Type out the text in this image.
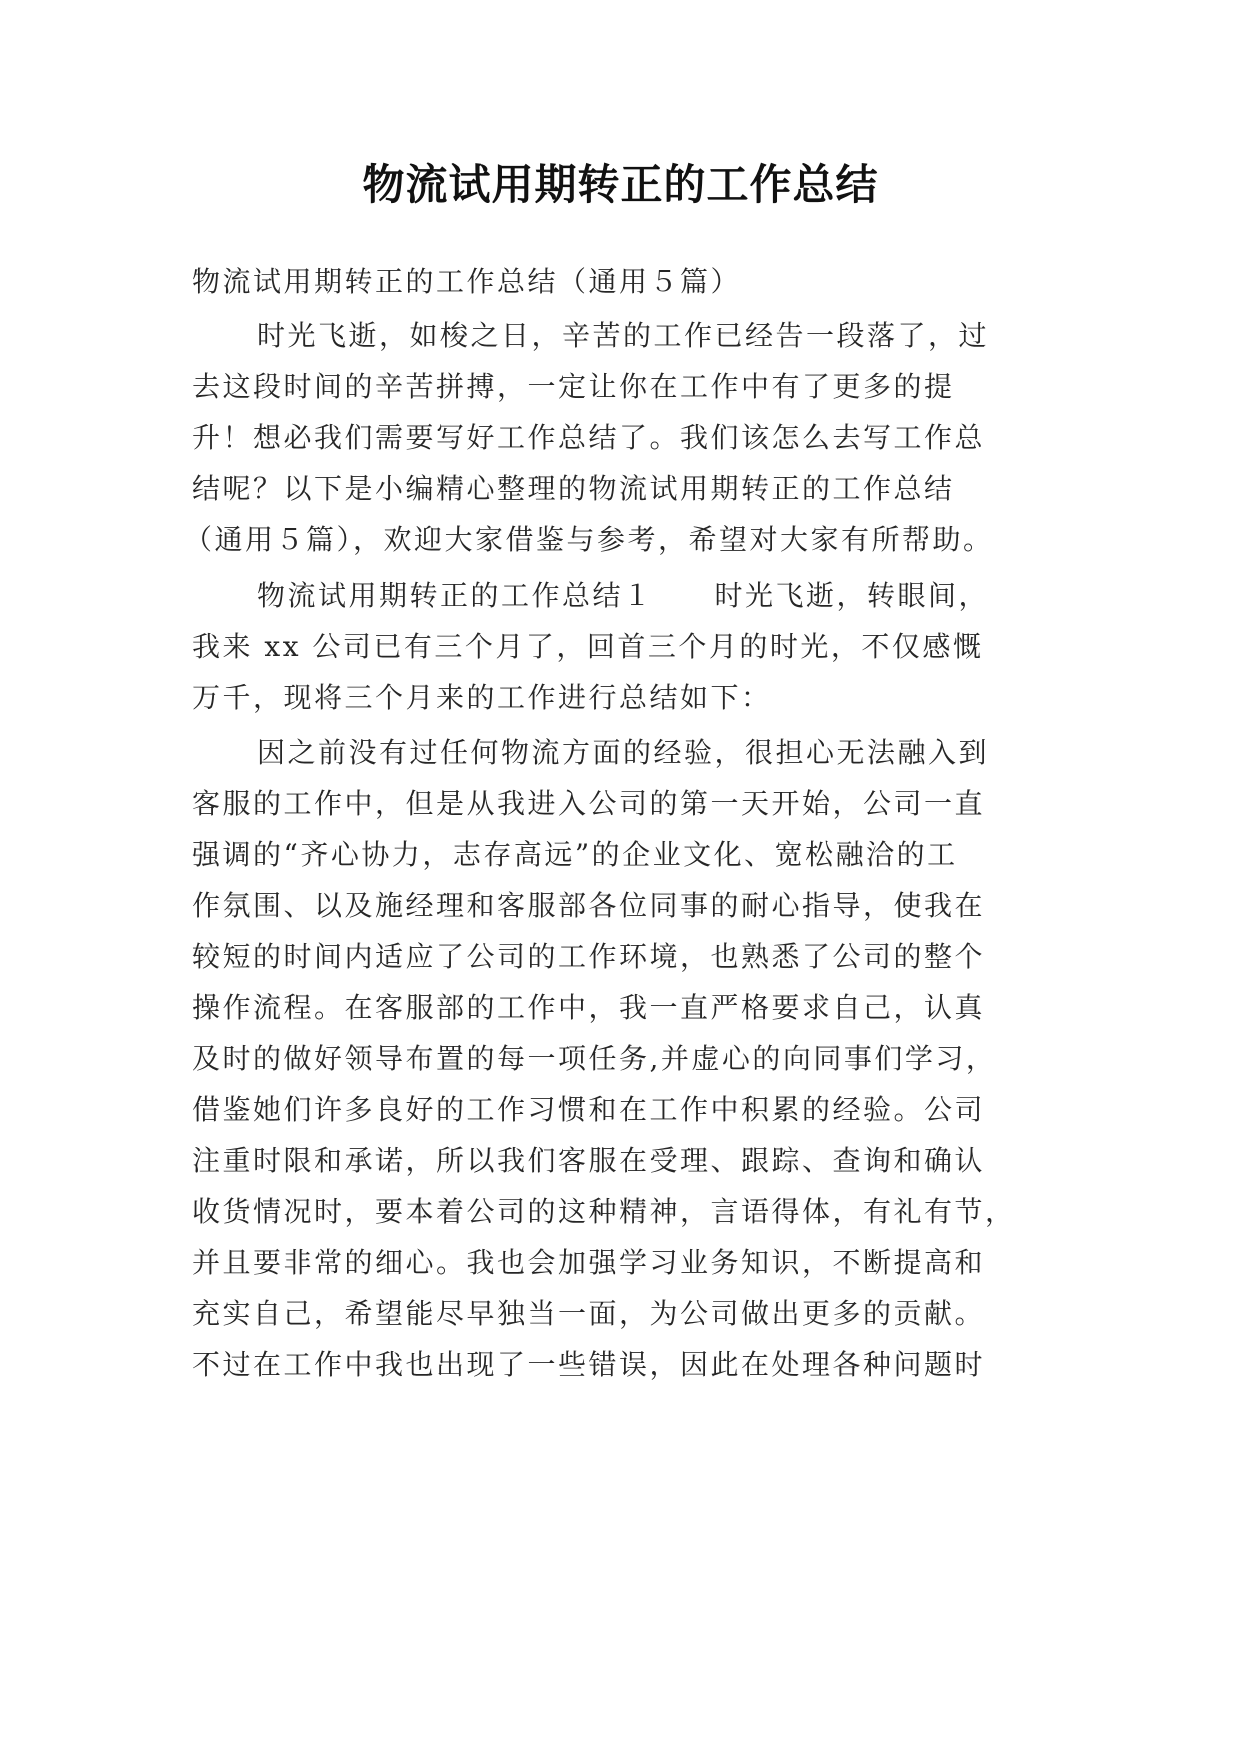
物流试用期转正的工作总结
物流试用期转正的工作总结（通用５篇）
时光飞逝，如梭之日，辛苦的工作已经告一段落了，过
去这段时间的辛苦拼搏，一定让你在工作中有了更多的提
升！想必我们需要写好工作总结了。我们该怎么去写工作总
结呢？以下是小编精心整理的物流试用期转正的工作总结
（通用５篇），欢迎大家借鉴与参考，希望对大家有所帮助。
物流试用期转正的工作总结１　　时光飞逝，转眼间，
我来 xx 公司已有三个月了，回首三个月的时光，不仅感慨
万千，现将三个月来的工作进行总结如下：
因之前没有过任何物流方面的经验，很担心无法融入到
客服的工作中，但是从我进入公司的第一天开始，公司一直
强调的“齐心协力，志存高远”的企业文化、宽松融洽的工
作氛围、以及施经理和客服部各位同事的耐心指导，使我在
较短的时间内适应了公司的工作环境，也熟悉了公司的整个
操作流程。在客服部的工作中，我一直严格要求自己，认真
及时的做好领导布置的每一项任务,并虚心的向同事们学习，
借鉴她们许多良好的工作习惯和在工作中积累的经验。公司
注重时限和承诺，所以我们客服在受理、跟踪、查询和确认
收货情况时，要本着公司的这种精神，言语得体，有礼有节，
并且要非常的细心。我也会加强学习业务知识，不断提高和
充实自己，希望能尽早独当一面，为公司做出更多的贡献。
不过在工作中我也出现了一些错误，因此在处理各种问题时
